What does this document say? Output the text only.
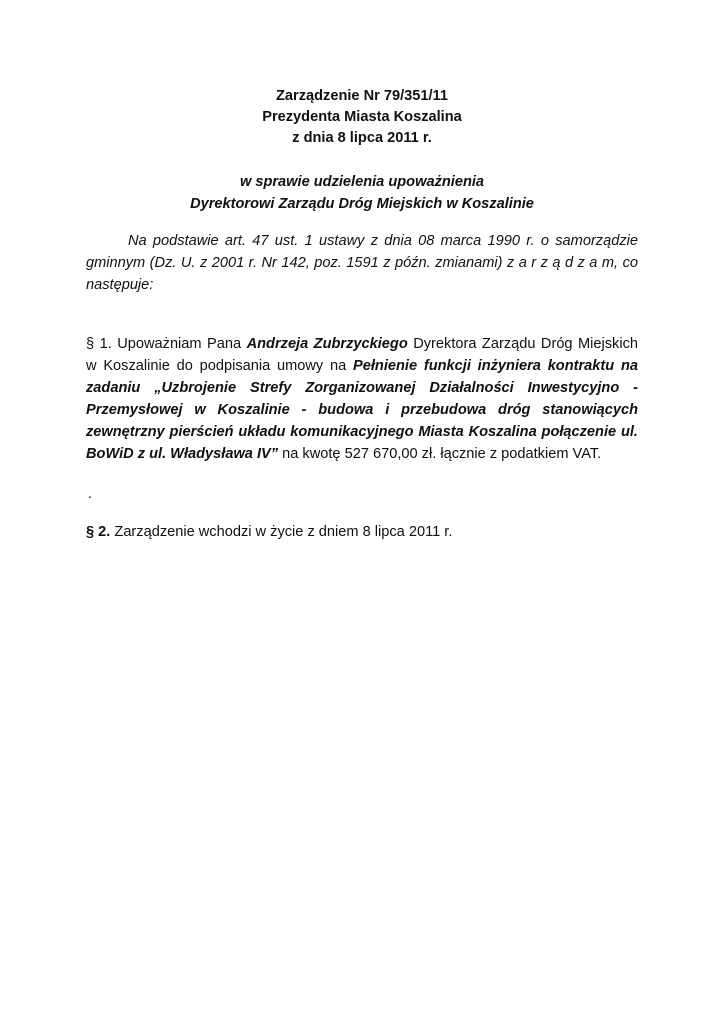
Zarządzenie Nr 79/351/11
Prezydenta Miasta Koszalina
z dnia 8 lipca 2011 r.
w sprawie udzielenia upoważnienia
Dyrektorowi Zarządu Dróg Miejskich w Koszalinie
Na podstawie art. 47 ust. 1 ustawy z dnia 08 marca 1990 r. o samorządzie gminnym (Dz. U. z 2001 r. Nr 142, poz. 1591 z późn. zmianami) z a r z ą d z a m, co następuje:
§ 1. Upoważniam Pana Andrzeja Zubrzyckiego Dyrektora Zarządu Dróg Miejskich w Koszalinie do podpisania umowy na Pełnienie funkcji inżyniera kontraktu na zadaniu „Uzbrojenie Strefy Zorganizowanej Działalności Inwestycyjno - Przemysłowej w Koszalinie - budowa i przebudowa dróg stanowiących zewnętrzny pierścień układu komunikacyjnego Miasta Koszalina połączenie ul. BoWiD z ul. Władysława IV” na kwotę 527 670,00 zł. łącznie z podatkiem VAT.
.
§ 2. Zarządzenie wchodzi w życie z dniem 8 lipca 2011 r.
